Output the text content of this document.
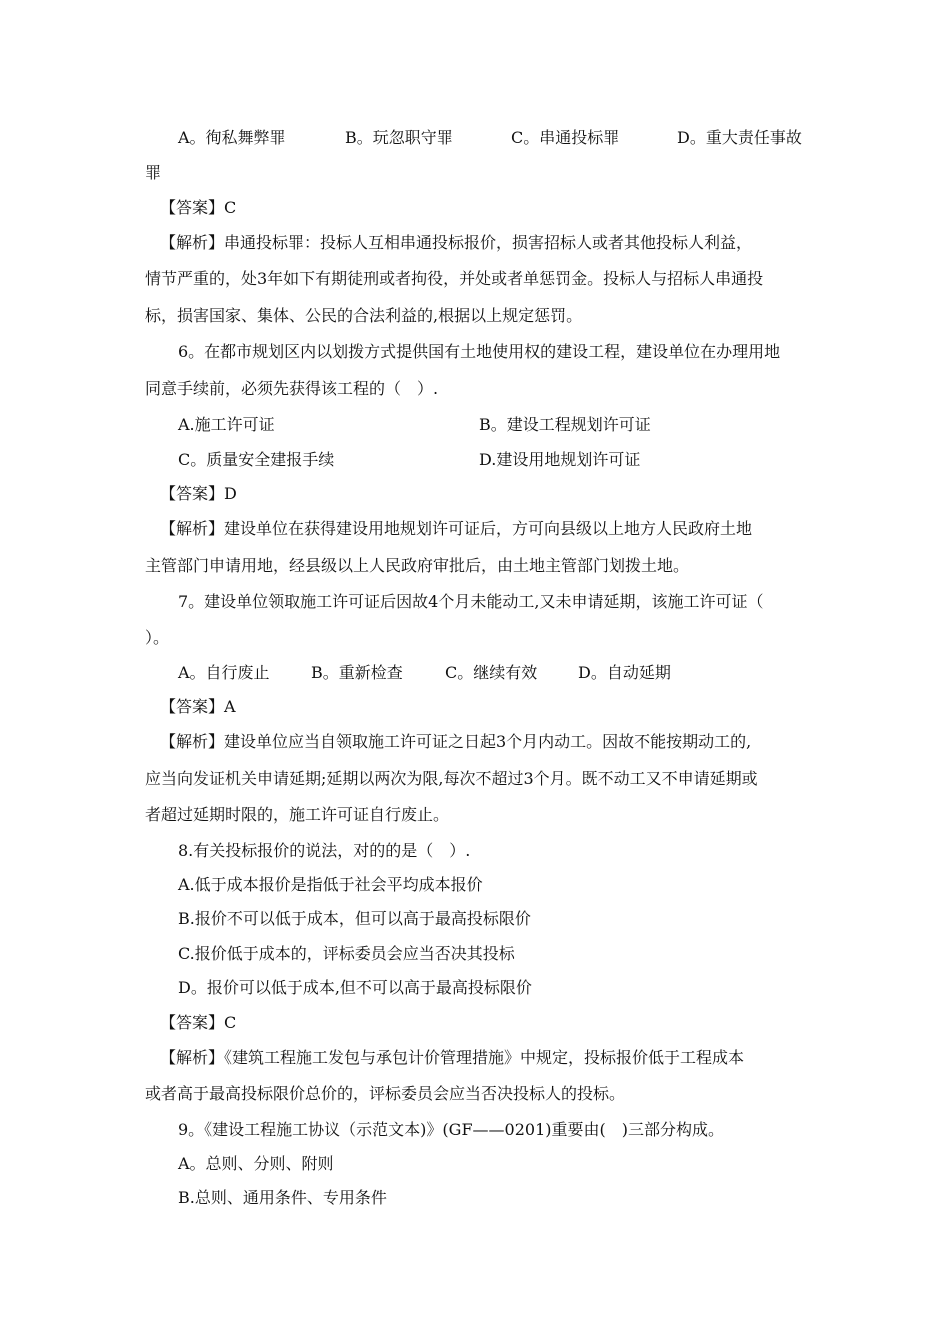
A。徇私舞弊罪	B。玩忽职守罪	C。串通投标罪	D。重大责任事故
罪
【答案】C
【解析】串通投标罪：投标人互相串通投标报价，损害招标人或者其他投标人利益，
情节严重的，处3年如下有期徒刑或者拘役，并处或者单惩罚金。投标人与招标人串通投
标，损害国家、集体、公民的合法利益的,根据以上规定惩罚。
6。在都市规划区内以划拨方式提供国有土地使用权的建设工程，建设单位在办理用地
同意手续前，必须先获得该工程的（　）.
A.施工许可证	B。建设工程规划许可证
C。质量安全建报手续	D.建设用地规划许可证
【答案】D
【解析】建设单位在获得建设用地规划许可证后，方可向县级以上地方人民政府土地
主管部门申请用地，经县级以上人民政府审批后，由土地主管部门划拨土地。
7。建设单位领取施工许可证后因故4个月未能动工,又未申请延期，该施工许可证（
）。
A。自行废止	B。重新检查	C。继续有效	D。自动延期
【答案】A
【解析】建设单位应当自领取施工许可证之日起3个月内动工。因故不能按期动工的,
应当向发证机关申请延期;延期以两次为限,每次不超过3个月。既不动工又不申请延期或
者超过延期时限的，施工许可证自行废止。
8.有关投标报价的说法，对的的是（　）.
A.低于成本报价是指低于社会平均成本报价
B.报价不可以低于成本，但可以高于最高投标限价
C.报价低于成本的，评标委员会应当否决其投标
D。报价可以低于成本,但不可以高于最高投标限价
【答案】C
【解析】《建筑工程施工发包与承包计价管理措施》中规定，投标报价低于工程成本
或者高于最高投标限价总价的，评标委员会应当否决投标人的投标。
9。《建设工程施工协议（示范文本)》(GF——0201)重要由(　)三部分构成。
A。总则、分则、附则
B.总则、通用条件、专用条件
